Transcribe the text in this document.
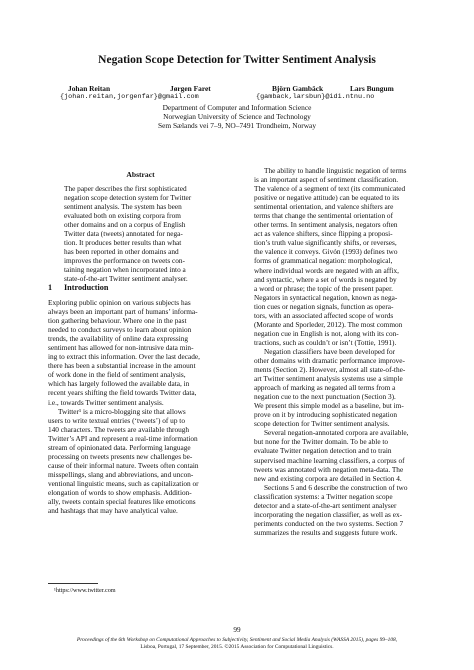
Negation Scope Detection for Twitter Sentiment Analysis
Johan Reitan	Jørgen Faret	Björn Gambäck	Lars Bungum
{johan.reitan,jorgenfar}@gmail.com	{gamback,larsbun}@idi.ntnu.no
Department of Computer and Information Science
Norwegian University of Science and Technology
Sem Sælands vei 7–9, NO–7491 Trondheim, Norway
Abstract
The paper describes the first sophisticated
negation scope detection system for Twitter
sentiment analysis. The system has been
evaluated both on existing corpora from
other domains and on a corpus of English
Twitter data (tweets) annotated for nega-
tion. It produces better results than what
has been reported in other domains and
improves the performance on tweets con-
taining negation when incorporated into a
state-of-the-art Twitter sentiment analyser.
1 Introduction
Exploring public opinion on various subjects has
always been an important part of humans’ informa-
tion gathering behaviour. Where one in the past
needed to conduct surveys to learn about opinion
trends, the availability of online data expressing
sentiment has allowed for non-intrusive data min-
ing to extract this information. Over the last decade,
there has been a substantial increase in the amount
of work done in the field of sentiment analysis,
which has largely followed the available data, in
recent years shifting the field towards Twitter data,
i.e., towards Twitter sentiment analysis.
Twitter¹ is a micro-blogging site that allows
users to write textual entries (‘tweets’) of up to
140 characters. The tweets are available through
Twitter’s API and represent a real-time information
stream of opinionated data. Performing language
processing on tweets presents new challenges be-
cause of their informal nature. Tweets often contain
misspellings, slang and abbreviations, and uncon-
ventional linguistic means, such as capitalization or
elongation of words to show emphasis. Addition-
ally, tweets contain special features like emoticons
and hashtags that may have analytical value.
¹https://www.twitter.com
The ability to handle linguistic negation of terms
is an important aspect of sentiment classification.
The valence of a segment of text (its communicated
positive or negative attitude) can be equated to its
sentimental orientation, and valence shifters are
terms that change the sentimental orientation of
other terms. In sentiment analysis, negators often
act as valence shifters, since flipping a proposi-
tion’s truth value significantly shifts, or reverses,
the valence it conveys. Givón (1993) defines two
forms of grammatical negation: morphological,
where individual words are negated with an affix,
and syntactic, where a set of words is negated by
a word or phrase; the topic of the present paper.
Negators in syntactical negation, known as nega-
tion cues or negation signals, function as opera-
tors, with an associated affected scope of words
(Morante and Sporleder, 2012). The most common
negation cue in English is not, along with its con-
tractions, such as couldn’t or isn’t (Tottie, 1991).
Negation classifiers have been developed for
other domains with dramatic performance improve-
ments (Section 2). However, almost all state-of-the-
art Twitter sentiment analysis systems use a simple
approach of marking as negated all terms from a
negation cue to the next punctuation (Section 3).
We present this simple model as a baseline, but im-
prove on it by introducing sophisticated negation
scope detection for Twitter sentiment analysis.
Several negation-annotated corpora are available,
but none for the Twitter domain. To be able to
evaluate Twitter negation detection and to train
supervised machine learning classifiers, a corpus of
tweets was annotated with negation meta-data. The
new and existing corpora are detailed in Section 4.
Sections 5 and 6 describe the construction of two
classification systems: a Twitter negation scope
detector and a state-of-the-art sentiment analyser
incorporating the negation classifier, as well as ex-
periments conducted on the two systems. Section 7
summarizes the results and suggests future work.
99
Proceedings of the 6th Workshop on Computational Approaches to Subjectivity, Sentiment and Social Media Analysis (WASSA 2015), pages 99–108,
Lisboa, Portugal, 17 September, 2015. ©2015 Association for Computational Linguistics.
